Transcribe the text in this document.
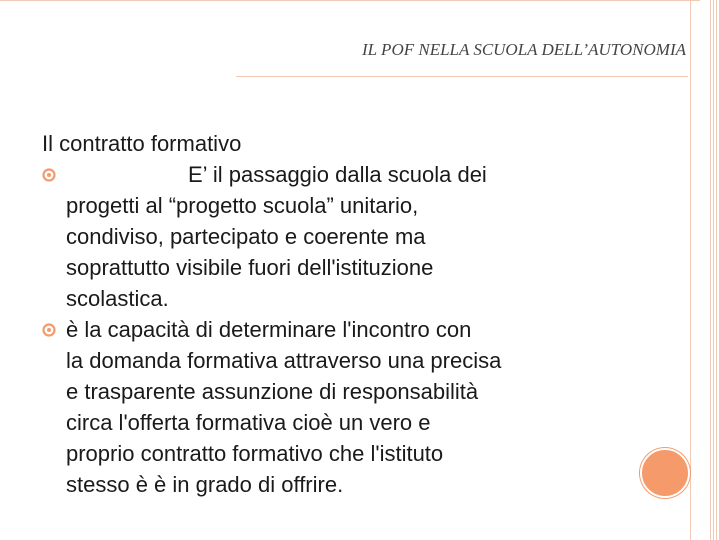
IL POF NELLA SCUOLA DELL’AUTONOMIA

Il contratto formativo

E’ il passaggio dalla scuola dei
progetti al “progetto scuola” unitario,
condiviso, partecipato e coerente ma
soprattutto visibile fuori dell'istituzione
scolastica.
è la capacità di determinare l'incontro con
la domanda formativa attraverso una precisa
e trasparente assunzione di responsabilità
circa l'offerta formativa cioè un vero e
proprio contratto formativo che l'istituto
stesso è è in grado di offrire.
